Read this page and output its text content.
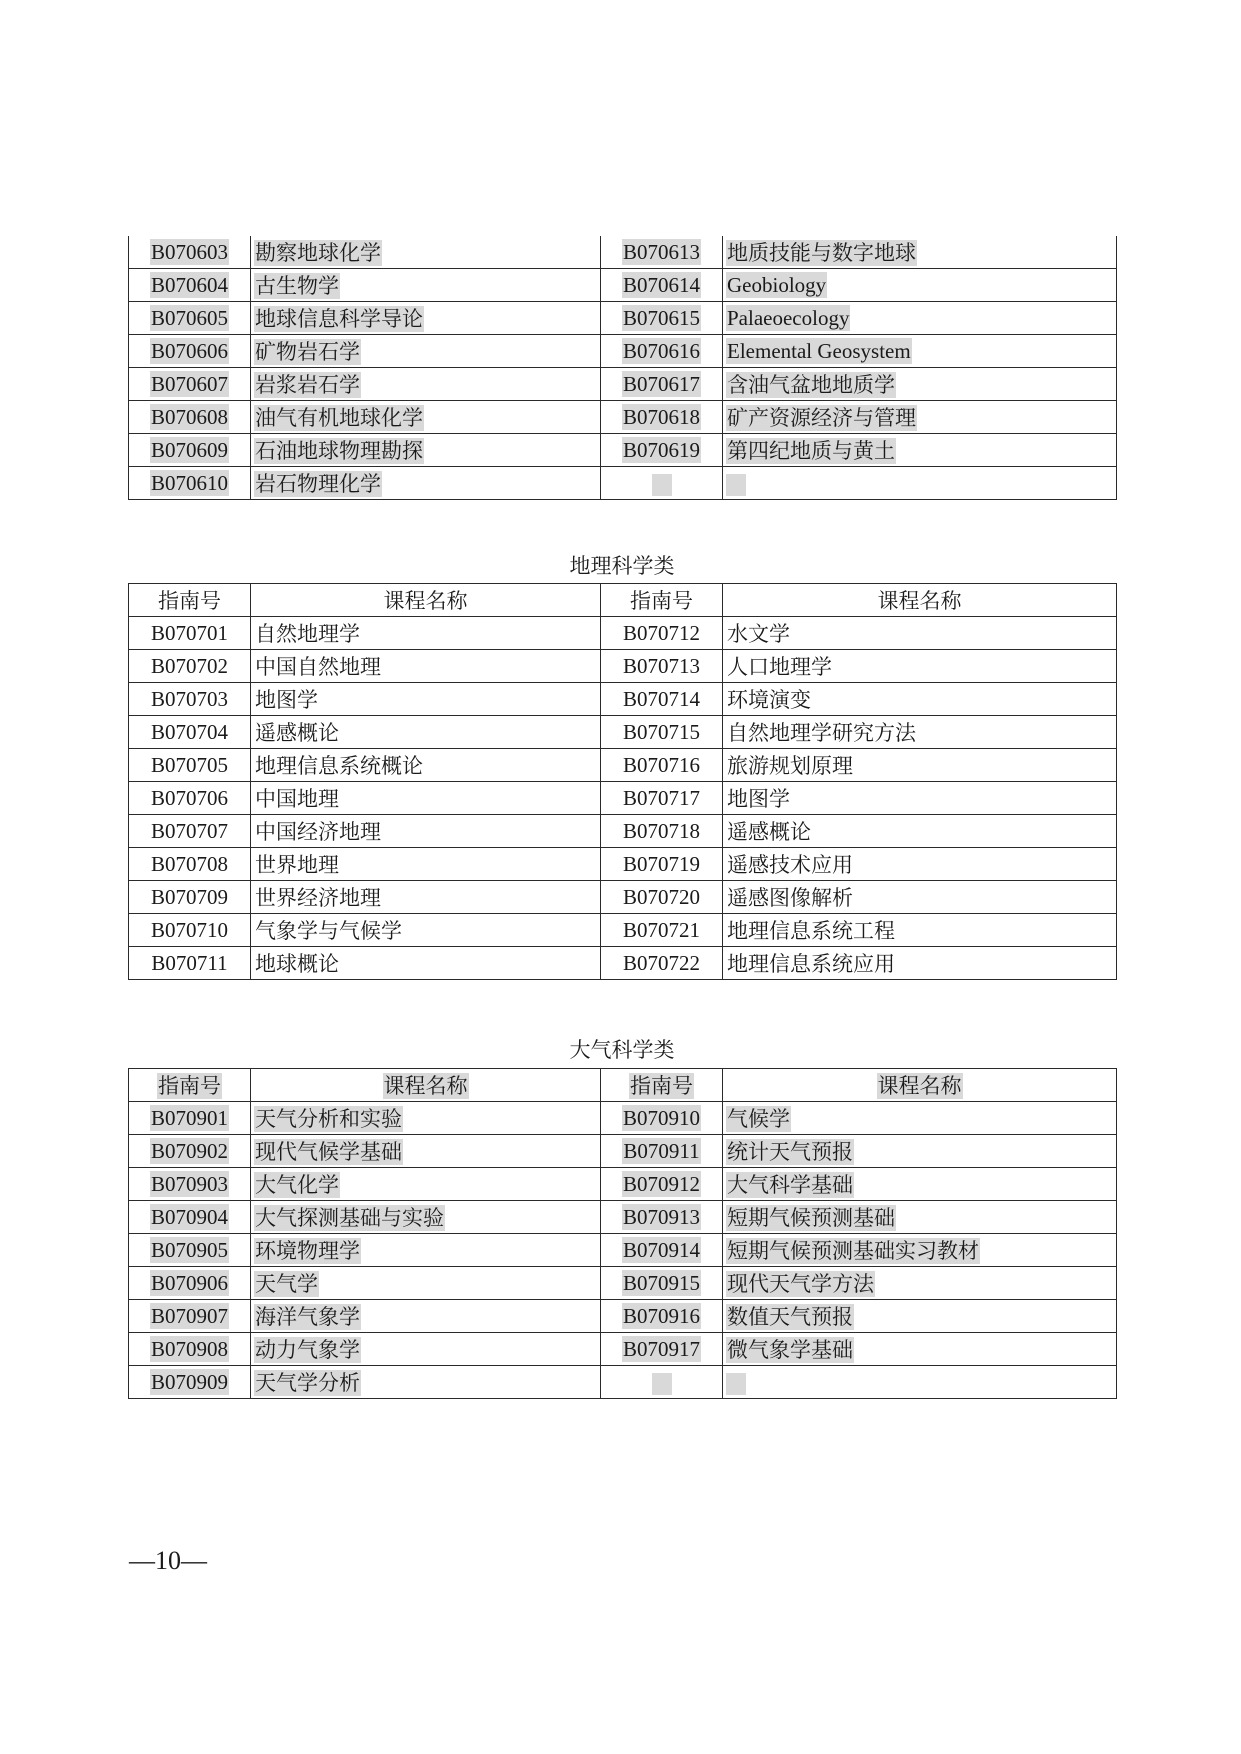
B070603	勘察地球化学	B070613	地质技能与数字地球
B070604	古生物学	B070614	Geobiology
B070605	地球信息科学导论	B070615	Palaeoecology
B070606	矿物岩石学	B070616	Elemental Geosystem
B070607	岩浆岩石学	B070617	含油气盆地地质学
B070608	油气有机地球化学	B070618	矿产资源经济与管理
B070609	石油地球物理勘探	B070619	第四纪地质与黄土
B070610	岩石物理化学		
地理科学类
指南号	课程名称	指南号	课程名称
B070701	自然地理学	B070712	水文学
B070702	中国自然地理	B070713	人口地理学
B070703	地图学	B070714	环境演变
B070704	遥感概论	B070715	自然地理学研究方法
B070705	地理信息系统概论	B070716	旅游规划原理
B070706	中国地理	B070717	地图学
B070707	中国经济地理	B070718	遥感概论
B070708	世界地理	B070719	遥感技术应用
B070709	世界经济地理	B070720	遥感图像解析
B070710	气象学与气候学	B070721	地理信息系统工程
B070711	地球概论	B070722	地理信息系统应用
大气科学类
指南号	课程名称	指南号	课程名称
B070901	天气分析和实验	B070910	气候学
B070902	现代气候学基础	B070911	统计天气预报
B070903	大气化学	B070912	大气科学基础
B070904	大气探测基础与实验	B070913	短期气候预测基础
B070905	环境物理学	B070914	短期气候预测基础实习教材
B070906	天气学	B070915	现代天气学方法
B070907	海洋气象学	B070916	数值天气预报
B070908	动力气象学	B070917	微气象学基础
B070909	天气学分析		
—10—
